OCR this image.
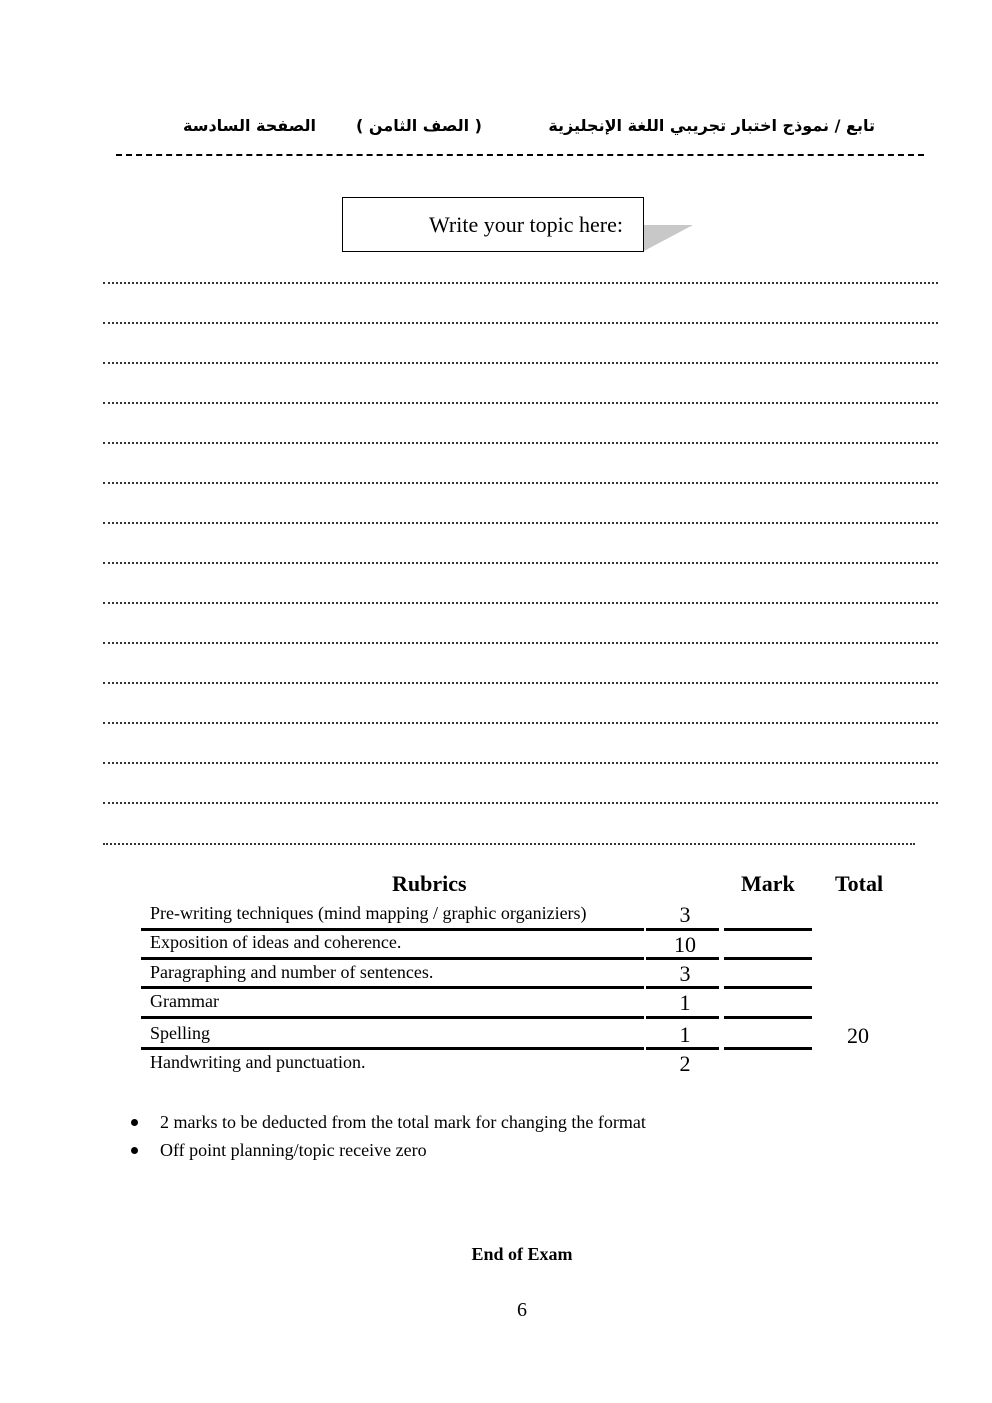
تابع / نموذج اختبار تجريبي اللغة الإنجليزية
( الصف الثامن )
الصفحة السادسة
Write your topic here:
Rubrics	Mark Total
Pre-writing techniques (mind mapping / graphic organiziers)	3
Exposition of ideas and coherence.	10
Paragraphing and number of sentences.	3
Grammar	1
Spelling	1
Handwriting and punctuation.	2
20
2 marks to be deducted from the total mark for changing the format
Off point planning/topic receive zero
End of Exam
6
